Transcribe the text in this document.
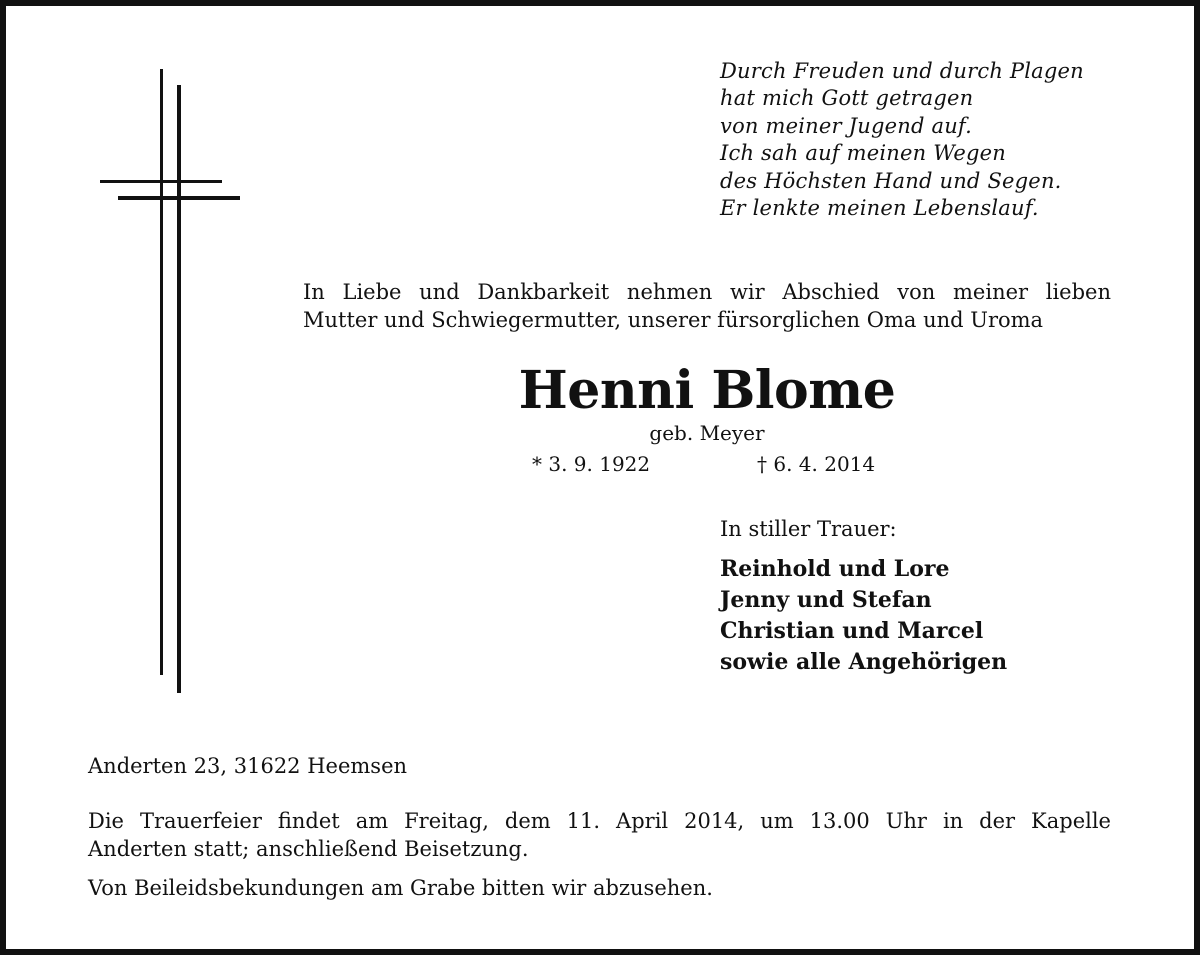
Durch Freuden und durch Plagen
hat mich Gott getragen
von meiner Jugend auf.
Ich sah auf meinen Wegen
des Höchsten Hand und Segen.
Er lenkte meinen Lebenslauf.
In Liebe und Dankbarkeit nehmen wir Abschied von meiner lieben
Mutter und Schwiegermutter, unserer fürsorglichen Oma und Uroma
Henni Blome
geb. Meyer
* 3. 9. 1922	† 6. 4. 2014
In stiller Trauer:
Reinhold und Lore
Jenny und Stefan
Christian und Marcel
sowie alle Angehörigen
Anderten 23, 31622 Heemsen
Die Trauerfeier findet am Freitag, dem 11. April 2014, um 13.00 Uhr in der Kapelle
Anderten statt; anschließend Beisetzung.
Von Beileidsbekundungen am Grabe bitten wir abzusehen.
